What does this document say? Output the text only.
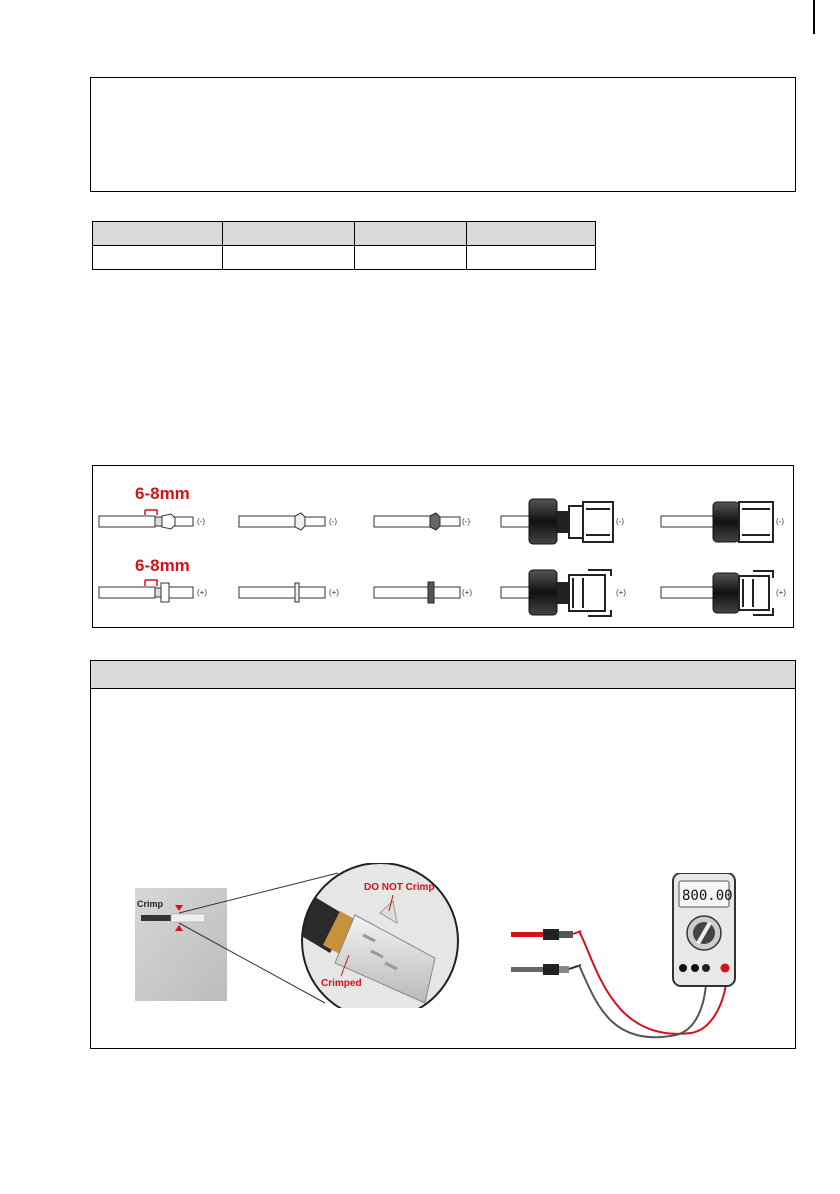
6-8mm
(-)	(-)	(-)	(-)	(-)
6-8mm
(+)	(+)	(+)	(+)	(+)
Crimp
DO NOT Crimp
Crimped
800.00
